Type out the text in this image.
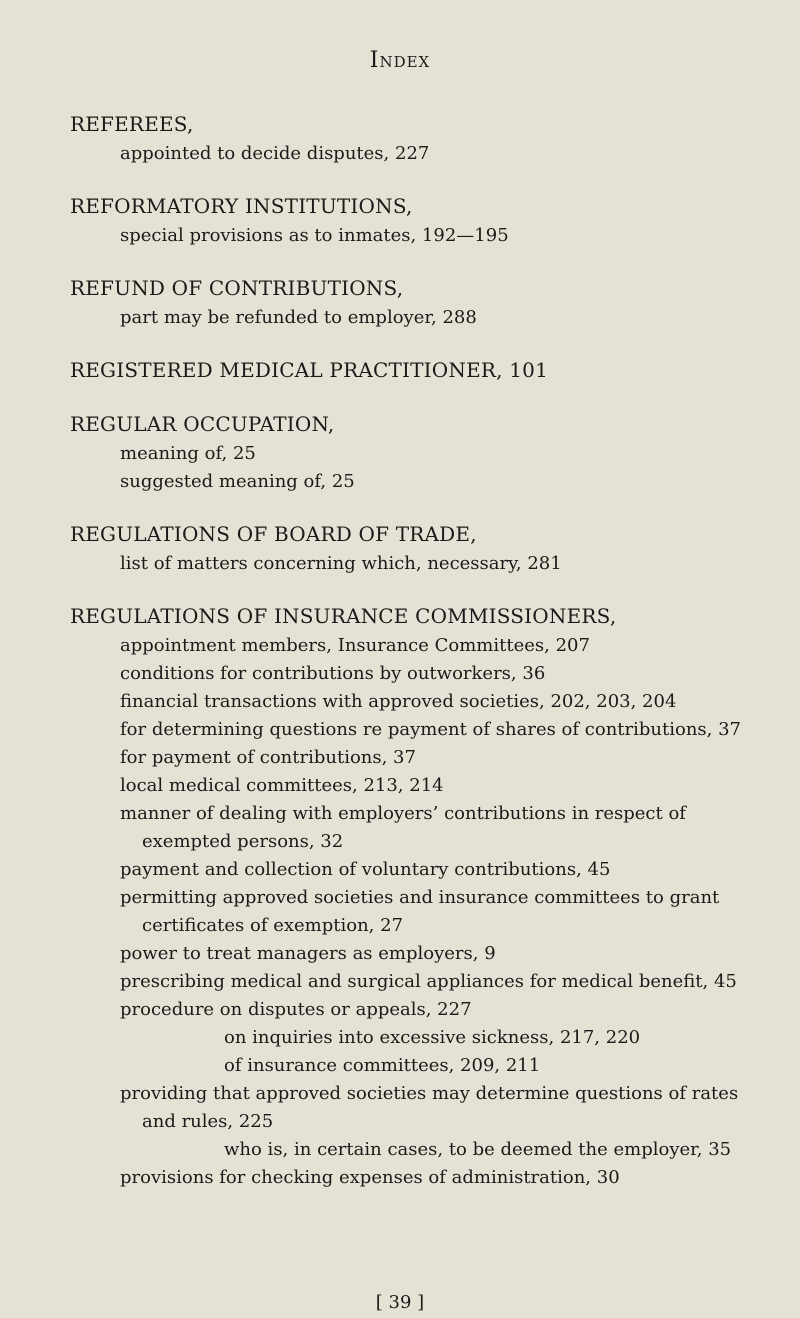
Index
REFEREES,
appointed to decide disputes, 227
REFORMATORY INSTITUTIONS,
special provisions as to inmates, 192—195
REFUND OF CONTRIBUTIONS,
part may be refunded to employer, 288
REGISTERED MEDICAL PRACTITIONER, 101
REGULAR OCCUPATION,
meaning of, 25
suggested meaning of, 25
REGULATIONS OF BOARD OF TRADE,
list of matters concerning which, necessary, 281
REGULATIONS OF INSURANCE COMMISSIONERS,
appointment members, Insurance Committees, 207
conditions for contributions by outworkers, 36
financial transactions with approved societies, 202, 203, 204
for determining questions re payment of shares of contributions, 37
for payment of contributions, 37
local medical committees, 213, 214
manner of dealing with employers’ contributions in respect of exempted persons, 32
payment and collection of voluntary contributions, 45
permitting approved societies and insurance committees to grant certificates of exemption, 27
power to treat managers as employers, 9
prescribing medical and surgical appliances for medical benefit, 45
procedure on disputes or appeals, 227
on inquiries into excessive sickness, 217, 220
of insurance committees, 209, 211
providing that approved societies may determine questions of rates and rules, 225
who is, in certain cases, to be deemed the employer, 35
provisions for checking expenses of administration, 30
[ 39 ]
